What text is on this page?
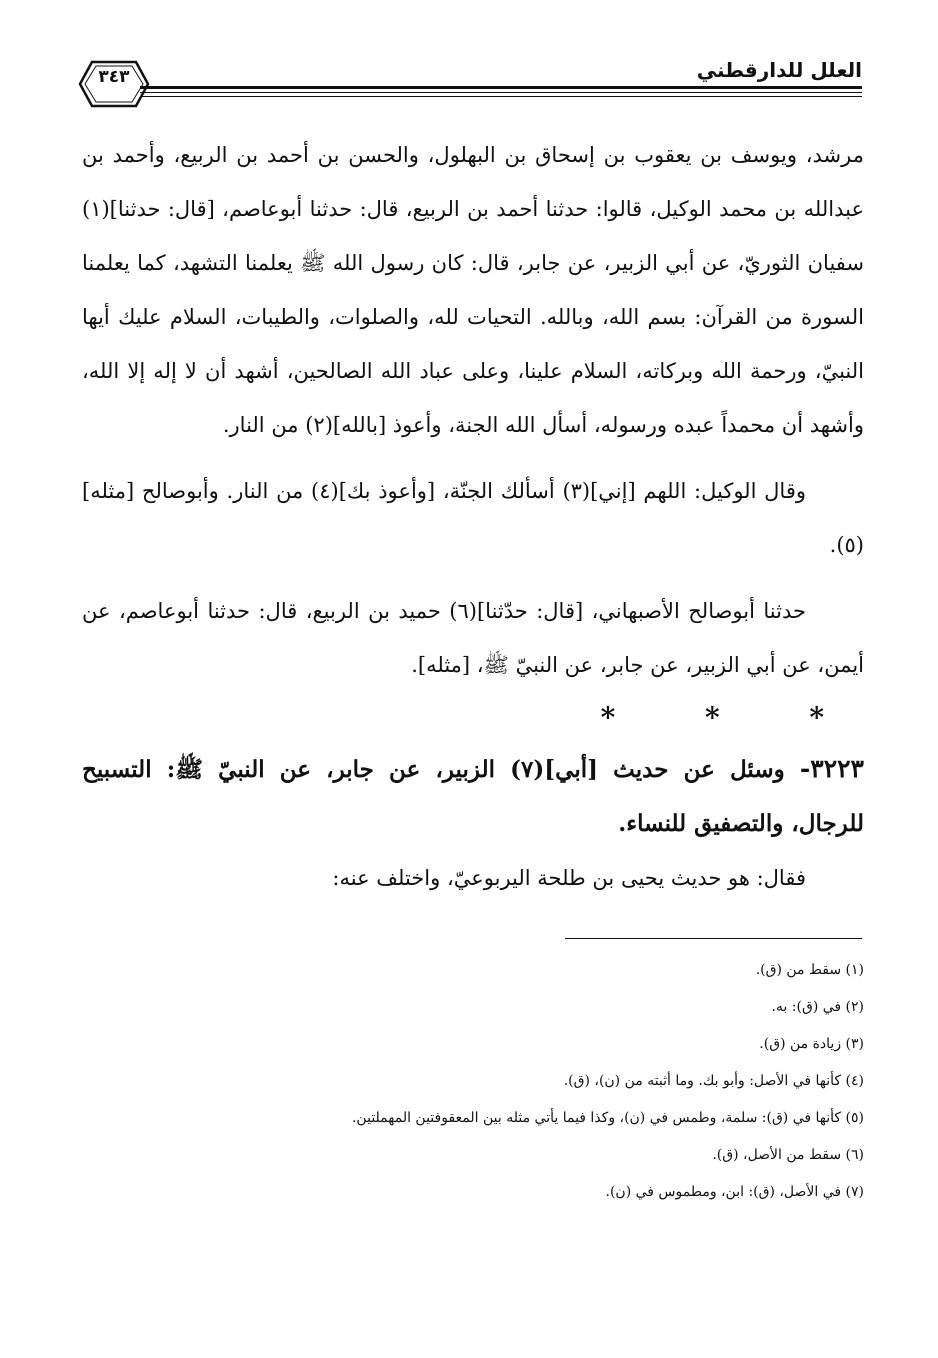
٣٤٣	العلل للدارقطني

مرشد، ويوسف بن يعقوب بن إسحاق بن البهلول، والحسن بن أحمد بن الربيع، وأحمد بن عبدالله بن محمد الوكيل، قالوا: حدثنا أحمد بن الربيع، قال: حدثنا أبوعاصم، [قال: حدثنا](١) سفيان الثوريّ، عن أبي الزبير، عن جابر، قال: كان رسول الله ﷺ يعلمنا التشهد، كما يعلمنا السورة من القرآن: بسم الله، وبالله. التحيات لله، والصلوات، والطيبات، السلام عليك أيها النبيّ، ورحمة الله وبركاته، السلام علينا، وعلى عباد الله الصالحين، أشهد أن لا إله إلا الله، وأشهد أن محمداً عبده ورسوله، أسأل الله الجنة، وأعوذ [بالله](٢) من النار.

وقال الوكيل: اللهم [إني](٣) أسألك الجنّة، [وأعوذ بك](٤) من النار. وأبوصالح [مثله](٥).

حدثنا أبوصالح الأصبهاني، [قال: حدّثنا](٦) حميد بن الربيع، قال: حدثنا أبوعاصم، عن أيمن، عن أبي الزبير، عن جابر، عن النبيّ ﷺ، [مثله].

* * *

٣٢٢٣- وسئل عن حديث [أبي](٧) الزبير، عن جابر، عن النبيّ ﷺ: التسبيح للرجال، والتصفيق للنساء.

فقال: هو حديث يحيى بن طلحة اليربوعيّ، واختلف عنه:

(١) سقط من (ق).

(٢) في (ق): به.

(٣) زيادة من (ق).

(٤) كأنها في الأصل: وأبو بك. وما أثبته من (ن)، (ق).

(٥) كأنها في (ق): سلمة، وطمس في (ن)، وكذا فيما يأتي مثله بين المعقوفتين المهملتين.

(٦) سقط من الأصل، (ق).

(٧) في الأصل، (ق): ابن، ومطموس في (ن).
